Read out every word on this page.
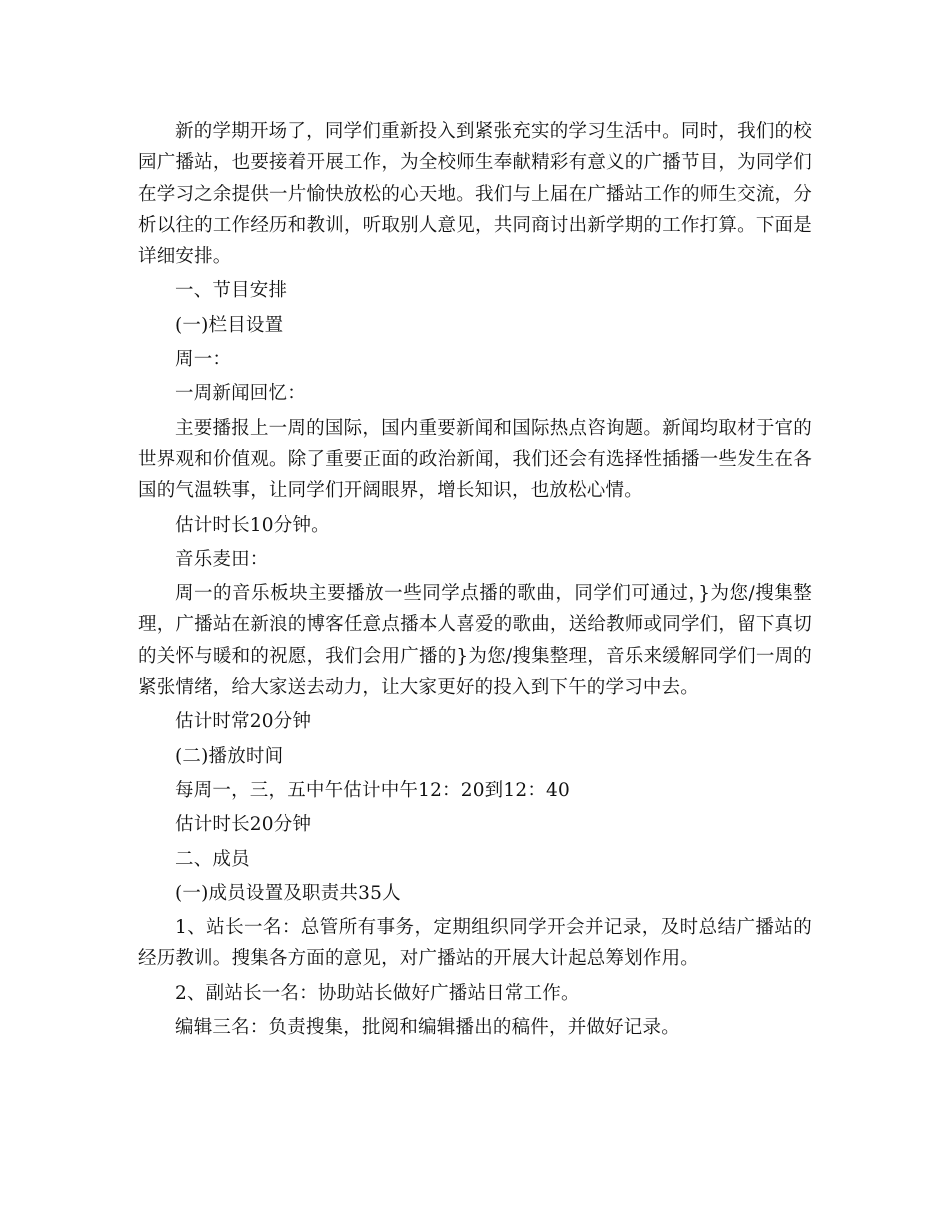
新的学期开场了，同学们重新投入到紧张充实的学习生活中。同时，我们的校园广播站，也要接着开展工作，为全校师生奉献精彩有意义的广播节目，为同学们在学习之余提供一片愉快放松的心天地。我们与上届在广播站工作的师生交流，分析以往的工作经历和教训，听取别人意见，共同商讨出新学期的工作打算。下面是详细安排。

一、节目安排

(一)栏目设置

周一：

一周新闻回忆：

主要播报上一周的国际，国内重要新闻和国际热点咨询题。新闻均取材于官的世界观和价值观。除了重要正面的政治新闻，我们还会有选择性插播一些发生在各国的气温轶事，让同学们开阔眼界，增长知识，也放松心情。

估计时长10分钟。

音乐麦田：

周一的音乐板块主要播放一些同学点播的歌曲，同学们可通过，}为您/搜集整理，广播站在新浪的博客任意点播本人喜爱的歌曲，送给教师或同学们，留下真切的关怀与暖和的祝愿，我们会用广播的}为您/搜集整理，音乐来缓解同学们一周的紧张情绪，给大家送去动力，让大家更好的投入到下午的学习中去。

估计时常20分钟

(二)播放时间

每周一，三，五中午估计中午12：20到12：40

估计时长20分钟

二、成员

(一)成员设置及职责共35人

1、站长一名：总管所有事务，定期组织同学开会并记录，及时总结广播站的经历教训。搜集各方面的意见，对广播站的开展大计起总筹划作用。

2、副站长一名：协助站长做好广播站日常工作。

编辑三名：负责搜集，批阅和编辑播出的稿件，并做好记录。
